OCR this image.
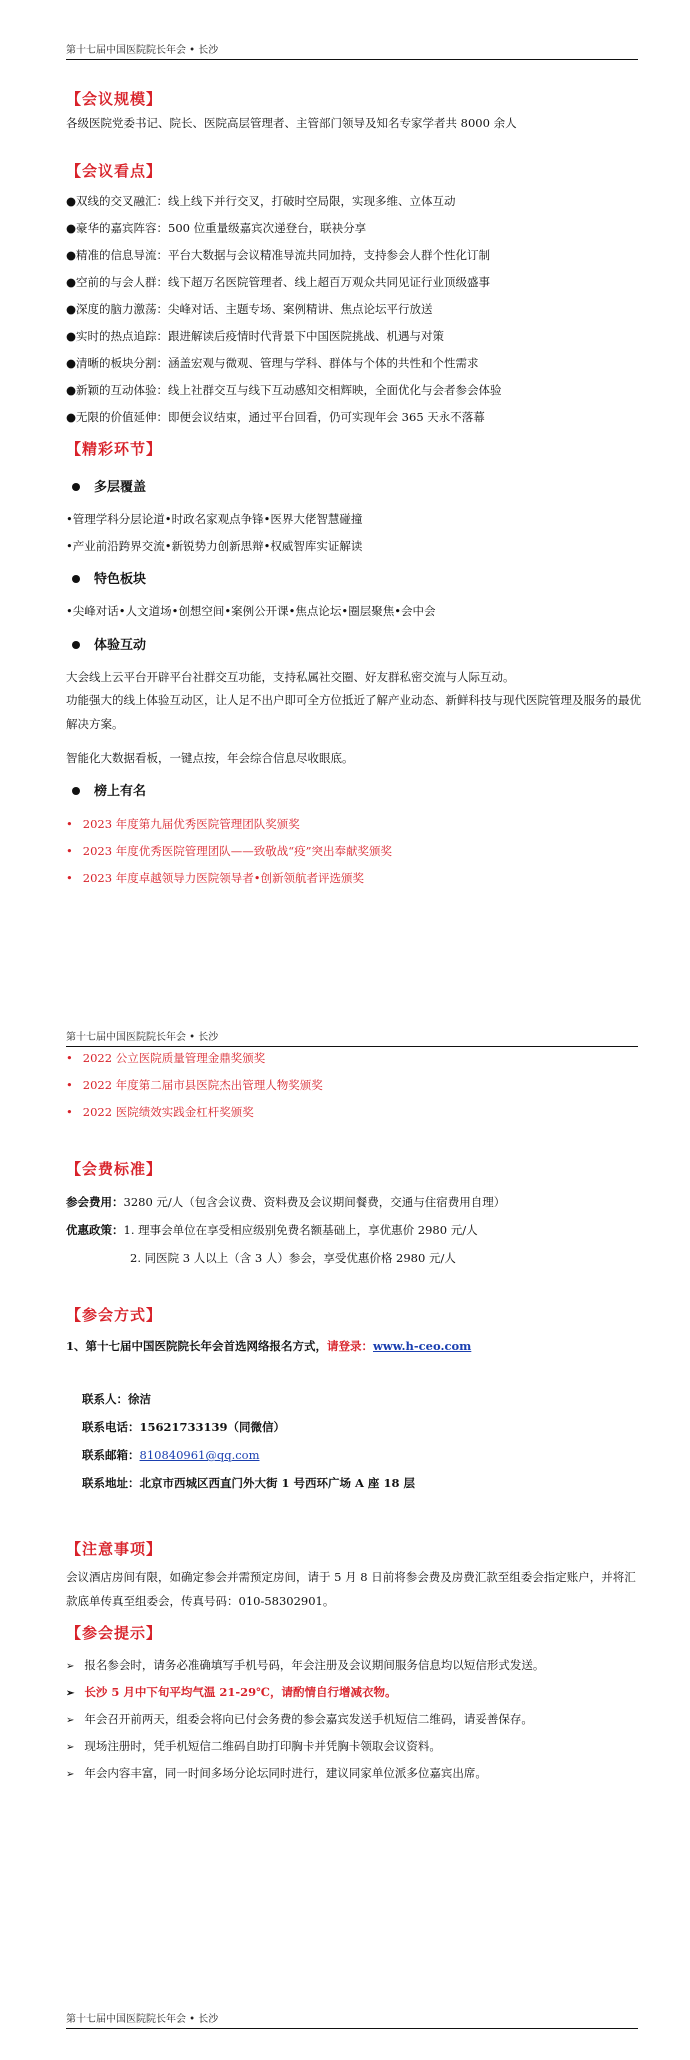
第十七届中国医院院长年会 • 长沙
【会议规模】
各级医院党委书记、院长、医院高层管理者、主管部门领导及知名专家学者共 8000 余人
【会议看点】
●双线的交叉融汇：线上线下并行交叉，打破时空局限，实现多维、立体互动
●豪华的嘉宾阵容：500 位重量级嘉宾次递登台，联袂分享
●精准的信息导流：平台大数据与会议精准导流共同加持，支持参会人群个性化订制
●空前的与会人群：线下超万名医院管理者、线上超百万观众共同见证行业顶级盛事
●深度的脑力激荡：尖峰对话、主题专场、案例精讲、焦点论坛平行放送
●实时的热点追踪：跟进解读后疫情时代背景下中国医院挑战、机遇与对策
●清晰的板块分割：涵盖宏观与微观、管理与学科、群体与个体的共性和个性需求
●新颖的互动体验：线上社群交互与线下互动感知交相辉映，全面优化与会者参会体验
●无限的价值延伸：即便会议结束，通过平台回看，仍可实现年会 365 天永不落幕
【精彩环节】
多层覆盖
•管理学科分层论道•时政名家观点争锋•医界大佬智慧碰撞
•产业前沿跨界交流•新锐势力创新思辩•权威智库实证解读
特色板块
•尖峰对话•人文道场•创想空间•案例公开课•焦点论坛•圈层聚焦•会中会
体验互动
大会线上云平台开辟平台社群交互功能，支持私属社交圈、好友群私密交流与人际互动。
功能强大的线上体验互动区，让人足不出户即可全方位抵近了解产业动态、新鲜科技与现代医院管理及服务的最优解决方案。
智能化大数据看板，一键点按，年会综合信息尽收眼底。
榜上有名
• 2023 年度第九届优秀医院管理团队奖颁奖
• 2023 年度优秀医院管理团队——致敬战“疫”突出奉献奖颁奖
• 2023 年度卓越领导力医院领导者•创新领航者评选颁奖
第十七届中国医院院长年会 • 长沙
• 2022 公立医院质量管理金鼎奖颁奖
• 2022 年度第二届市县医院杰出管理人物奖颁奖
• 2022 医院绩效实践金杠杆奖颁奖
【会费标准】
参会费用：3280 元/人（包含会议费、资料费及会议期间餐费，交通与住宿费用自理）
优惠政策：1. 理事会单位在享受相应级别免费名额基础上，享优惠价 2980 元/人
2. 同医院 3 人以上（含 3 人）参会，享受优惠价格 2980 元/人
【参会方式】
1、第十七届中国医院院长年会首选网络报名方式，请登录：www.h-ceo.com
联系人：徐洁
联系电话：15621733139（同微信）
联系邮箱：810840961@qq.com
联系地址：北京市西城区西直门外大街 1 号西环广场 A 座 18 层
【注意事项】
会议酒店房间有限，如确定参会并需预定房间，请于 5 月 8 日前将参会费及房费汇款至组委会指定账户，并将汇款底单传真至组委会，传真号码：010-58302901。
【参会提示】
➢ 报名参会时，请务必准确填写手机号码，年会注册及会议期间服务信息均以短信形式发送。
➢ 长沙 5 月中下旬平均气温 21-29℃，请酌情自行增减衣物。
➢ 年会召开前两天，组委会将向已付会务费的参会嘉宾发送手机短信二维码，请妥善保存。
➢ 现场注册时，凭手机短信二维码自助打印胸卡并凭胸卡领取会议资料。
➢ 年会内容丰富，同一时间多场分论坛同时进行，建议同家单位派多位嘉宾出席。
第十七届中国医院院长年会 • 长沙
